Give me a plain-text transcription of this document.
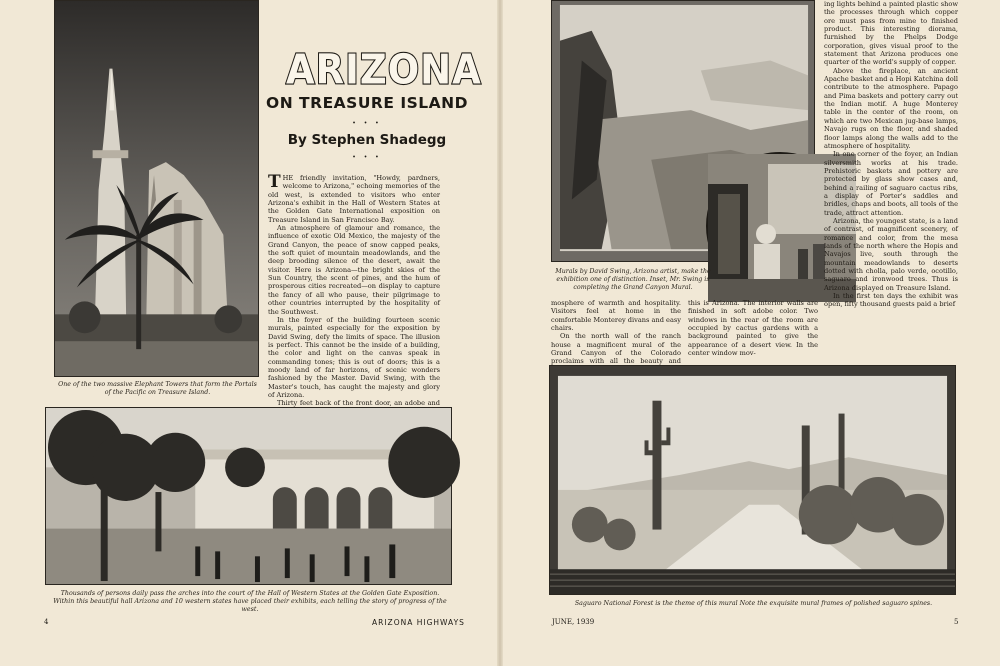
One of the two massive Elephant Towers that form the Portals of the Pacific on Treasure Island.
ARIZONA
ON TREASURE ISLAND
• • •
By Stephen Shadegg
• • •

THE friendly invitation, "Howdy, pardners, welcome to Arizona," echoing memories of the old west, is extended to visitors who enter Arizona's exhibit in the Hall of Western States at the Golden Gate International exposition on Treasure Island in San Francisco Bay.

An atmosphere of glamour and romance, the influence of exotic Old Mexico, the majesty of the Grand Canyon, the peace of snow capped peaks, the soft quiet of mountain meadowlands, and the deep brooding silence of the desert, await the visitor. Here is Arizona—the bright skies of the Sun Country, the scent of pines, and the hum of prosperous cities recreated—on display to capture the fancy of all who pause, their pilgrimage to other countries interrupted by the hospitality of the Southwest.

In the foyer of the building fourteen scenic murals, painted especially for the exposition by David Swing, defy the limits of space. The illusion is perfect. This cannot be the inside of a building, the color and light on the canvas speak in commanding tones; this is out of doors; this is a moody land of far horizons, of scenic wonders fashioned by the Master. David Swing, with the Master's touch, has caught the majesty and glory of Arizona.

Thirty feet back of the front door, an adobe and

Thousands of persons daily pass the arches into the court of the Hall of Western States at the Golden Gate Exposition. Within this beautiful hall Arizona and 10 western states have placed their exhibits, each telling the story of progress of the west.
4	ARIZONA HIGHWAYS
Murals by David Swing, Arizona artist, make the exhibition one of distinction. Inset, Mr. Swing is completing the Grand Canyon Mural.

mosphere of warmth and hospitality. Visitors feel at home in the comfortable Monterey divans and easy chairs.

On the north wall of the ranch house a magnificent mural of the Grand Canyon of the Colorado proclaims with all the beauty and

this is Arizona. The interior walls are finished in soft adobe color. Two windows in the rear of the room are occupied by cactus gardens with a background painted to give the appearance of a desert view. In the center window mov-

ing lights behind a painted plastic show the processes through which copper ore must pass from mine to finished product. This interesting diorama, furnished by the Phelps Dodge corporation, gives visual proof to the statement that Arizona produces one quarter of the world's supply of copper.

Above the fireplace, an ancient Apache basket and a Hopi Katchina doll contribute to the atmosphere. Papago and Pima baskets and pottery carry out the Indian motif. A huge Monterey table in the center of the room, on which are two Mexican jug-base lamps, Navajo rugs on the floor, and shaded floor lamps along the walls add to the atmosphere of hospitality.

In one corner of the foyer, an Indian silversmith works at his trade. Prehistoric baskets and pottery are protected by glass show cases and, behind a railing of saguaro cactus ribs, a display of Porter's saddles and bridles, chaps and boots, all tools of the trade, attract attention.

Arizona, the youngest state, is a land of contrast, of magnificent scenery, of romance and color, from the mesa lands of the north where the Hopis and Navajos live, south through the mountain meadowlands to deserts dotted with cholla, palo verde, ocotillo, saguaro and ironwood trees. Thus is Arizona displayed on Treasure Island.

In the first ten days the exhibit was open, fifty thousand guests paid a brief

Saguaro National Forest is the theme of this mural Note the exquisite mural frames of polished saguaro spines.
JUNE, 1939	5
